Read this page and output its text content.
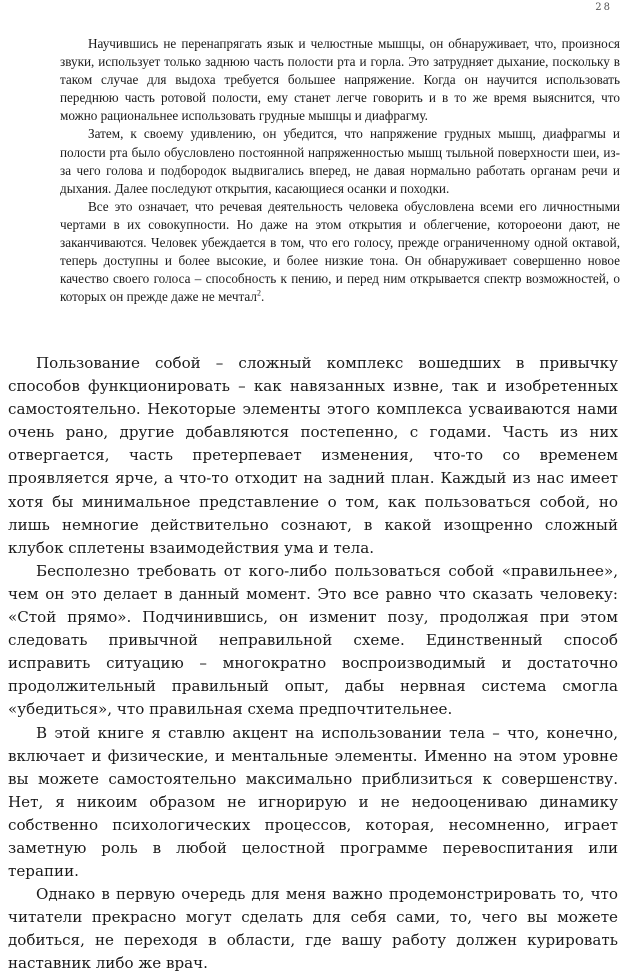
28

Научившись не перенапрягать язык и челюстные мышцы, он обнаруживает, что, произнося звуки, использует только заднюю часть полости рта и горла. Это затрудняет дыхание, поскольку в таком случае для выдоха требуется большее напряжение. Когда он научится использовать переднюю часть ротовой полости, ему станет легче говорить и в то же время выяснится, что можно рациональнее использовать грудные мышцы и диафрагму.

Затем, к своему удивлению, он убедится, что напряжение грудных мышц, диафрагмы и полости рта было обусловлено постоянной напряженностью мышц тыльной поверхности шеи, из-за чего голова и подбородок выдвигались вперед, не давая нормально работать органам речи и дыхания. Далее последуют открытия, касающиеся осанки и походки.

Все это означает, что речевая деятельность человека обусловлена всеми его личностными чертами в их совокупности. Но даже на этом открытия и облегчение, котороеони дают, не заканчиваются. Человек убеждается в том, что его голосу, прежде ограниченному одной октавой, теперь доступны и более высокие, и более низкие тона. Он обнаруживает совершенно новое качество своего голоса – способность к пению, и перед ним открывается спектр возможностей, о которых он прежде даже не мечтал$^2$.

Пользование собой – сложный комплекс вошедших в привычку способов функционировать – как навязанных извне, так и изобретенных самостоятельно. Некоторые элементы этого комплекса усваиваются нами очень рано, другие добавляются постепенно, с годами. Часть из них отвергается, часть претерпевает изменения, что-то со временем проявляется ярче, а что-то отходит на задний план. Каждый из нас имеет хотя бы минимальное представление о том, как пользоваться собой, но лишь немногие действительно сознают, в какой изощренно сложный клубок сплетены взаимодействия ума и тела.

Бесполезно требовать от кого-либо пользоваться собой «правильнее», чем он это делает в данный момент. Это все равно что сказать человеку: «Стой прямо». Подчинившись, он изменит позу, продолжая при этом следовать привычной неправильной схеме. Единственный способ исправить ситуацию – многократно воспроизводимый и достаточно продолжительный правильный опыт, дабы нервная система смогла «убедиться», что правильная схема предпочтительнее.

В этой книге я ставлю акцент на использовании тела – что, конечно, включает и физические, и ментальные элементы. Именно на этом уровне вы можете самостоятельно максимально приблизиться к совершенству. Нет, я никоим образом не игнорирую и не недооцениваю динамику собственно психологических процессов, которая, несомненно, играет заметную роль в любой целостной программе перевоспитания или терапии.

Однако в первую очередь для меня важно продемонстрировать то, что читатели прекрасно могут сделать для себя сами, то, чего вы можете добиться, не переходя в области, где вашу работу должен курировать наставник либо же врач.
